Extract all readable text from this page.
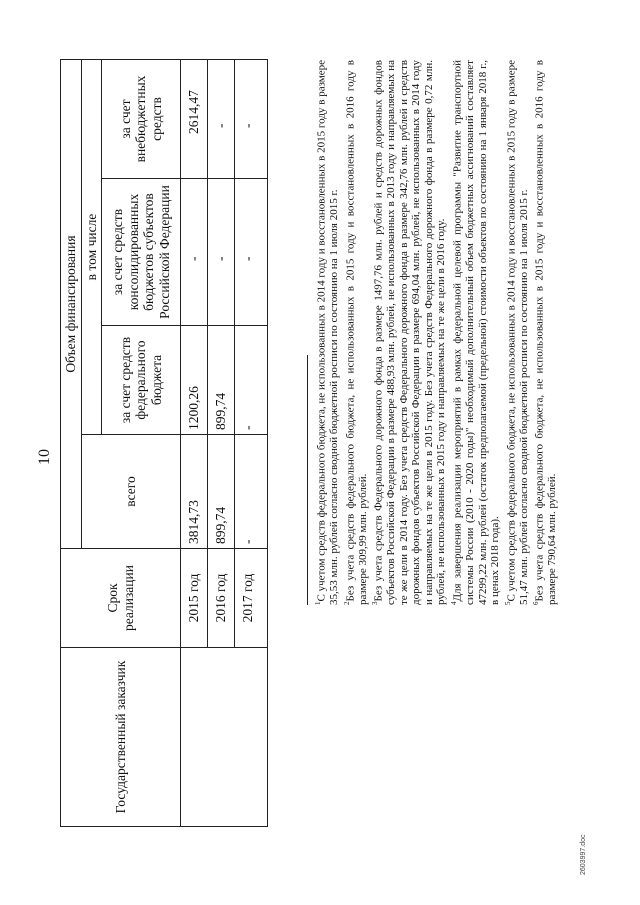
10
Государственный заказчик	Срок реализации	Объем финансирования			
		всего	в том числе		
			за счет средств федерального бюджета	за счет средств консолидированных бюджетов субъектов Российской Федерации	за счет внебюджетных средств
	2015 год	3814,73	1200,26	-	2614,47
	2016 год	899,74	899,74	-	-
	2017 год	-	-	-	-

$^1$С учетом средств федерального бюджета, не использованных в 2014 году и восстановленных в 2015 году в размере 35,53 млн. рублей согласно сводной бюджетной росписи по состоянию на 1 июля 2015 г. $^2$Без учета средств федерального бюджета, не использованных в 2015 году и восстановленных в 2016 году в размере 309,99 млн. рублей. $^3$Без учета средств Федерального дорожного фонда в размере 1497,76 млн. рублей и средств дорожных фондов субъектов Российской Федерации в размере 488,93 млн. рублей, не использованных в 2013 году и направляемых на те же цели в 2014 году. Без учета средств Федерального дорожного фонда в размере 342,76 млн. рублей и средств дорожных фондов субъектов Российской Федерации в размере 694,04 млн. рублей, не использованных в 2014 году и направляемых на те же цели в 2015 году. Без учета средств Федерального дорожного фонда в размере 0,72 млн. рублей, не использованных в 2015 году и направляемых на те же цели в 2016 году. $^4$Для завершения реализации мероприятий в рамках федеральной целевой программы "Развитие транспортной системы России (2010 - 2020 годы)" необходимый дополнительный объем бюджетных ассигнований составляет 47299,22 млн. рублей (остаток предполагаемой (предельной) стоимости объектов по состоянию на 1 января 2018 г., в ценах 2018 года). $^5$С учетом средств федерального бюджета, не использованных в 2014 году и восстановленных в 2015 году в размере 51,47 млн. рублей согласно сводной бюджетной росписи по состоянию на 1 июля 2015 г. $^6$Без учета средств федерального бюджета, не использованных в 2015 году и восстановленных в 2016 году в размере 790,64 млн. рублей.

2603997.doc
